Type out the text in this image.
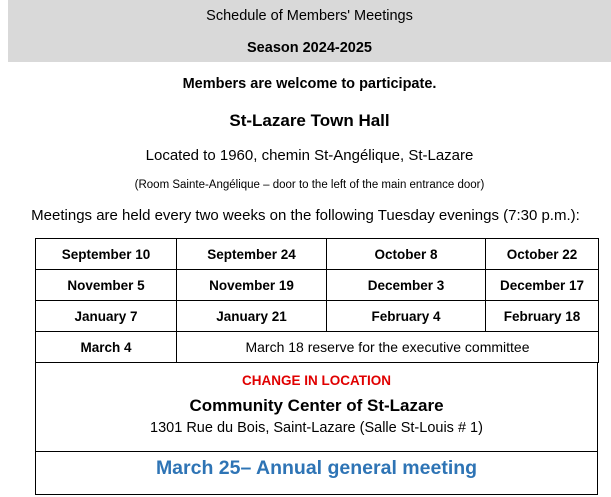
Schedule of Members' Meetings
Season 2024-2025
Members are welcome to participate.
St-Lazare Town Hall
Located to 1960, chemin St-Angélique, St-Lazare
(Room Sainte-Angélique – door to the left of the main entrance door)
Meetings are held every two weeks on the following Tuesday evenings (7:30 p.m.):
September 10	September 24	October 8	October 22
November 5	November 19	December 3	December 17
January 7	January 21	February 4	February 18
March 4	March 18 reserve for the executive committee		
CHANGE IN LOCATION
Community Center of St-Lazare
1301 Rue du Bois, Saint-Lazare (Salle St-Louis # 1)
March 25– Annual general meeting
